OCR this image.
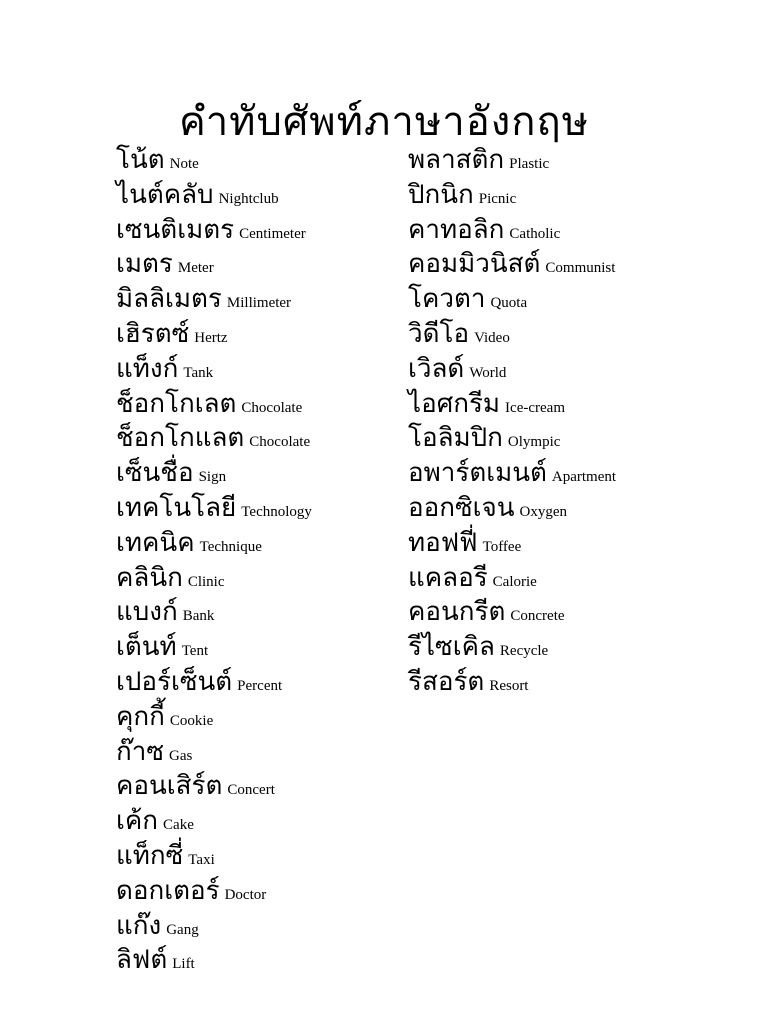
คำทับศัพท์ภาษาอังกฤษ
โน้ต Note
ไนต์คลับ Nightclub
เซนติเมตร Centimeter
เมตร Meter
มิลลิเมตร Millimeter
เฮิรตซ์ Hertz
แท็งก์ Tank
ช็อกโกเลต Chocolate
ช็อกโกแลต Chocolate
เซ็นชื่อ Sign
เทคโนโลยี Technology
เทคนิค Technique
คลินิก Clinic
แบงก์ Bank
เต็นท์ Tent
เปอร์เซ็นต์ Percent
คุกกี้ Cookie
ก๊าซ Gas
คอนเสิร์ต Concert
เค้ก Cake
แท็กซี่ Taxi
ดอกเตอร์ Doctor
แก๊ง Gang
ลิฟต์ Lift
พลาสติก Plastic
ปิกนิก Picnic
คาทอลิก Catholic
คอมมิวนิสต์ Communist
โควตา Quota
วิดีโอ Video
เวิลด์ World
ไอศกรีม Ice-cream
โอลิมปิก Olympic
อพาร์ตเมนต์ Apartment
ออกซิเจน Oxygen
ทอฟฟี่ Toffee
แคลอรี Calorie
คอนกรีต Concrete
รีไซเคิล Recycle
รีสอร์ต Resort
